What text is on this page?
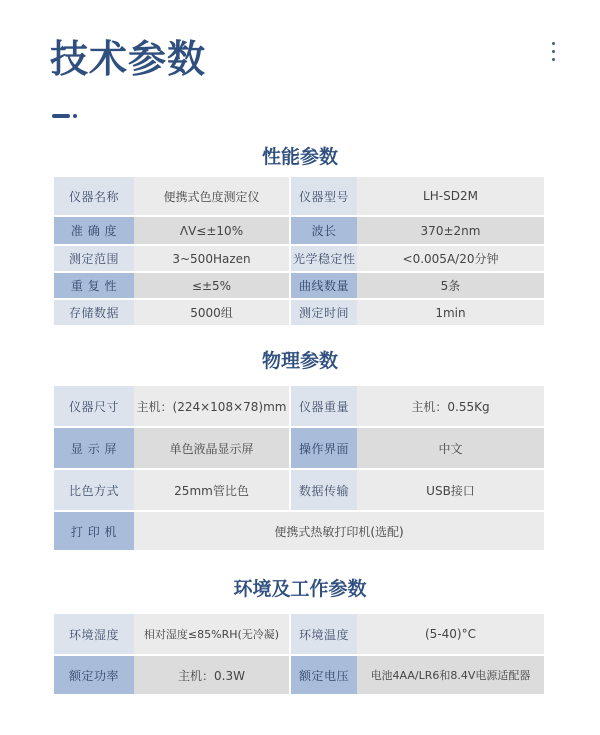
技术参数
性能参数
仪器名称	便携式色度测定仪	仪器型号	LH-SD2M
准 确 度	ΛV≤±10%	波长	370±2nm
测定范围	3~500Hazen	光学稳定性	<0.005A/20分钟
重 复 性	≤±5%	曲线数量	5条
存储数据	5000组	测定时间	1min
物理参数
仪器尺寸	主机：(224×108×78)mm	仪器重量	主机：0.55Kg
显 示 屏	单色液晶显示屏	操作界面	中文
比色方式	25mm管比色	数据传输	USB接口
打 印 机	便携式热敏打印机(选配)		
环境及工作参数
环境湿度	相对湿度≤85%RH(无冷凝)	环境温度	(5-40)°C
额定功率	主机：0.3W	额定电压	电池4AA/LR6和8.4V电源适配器
